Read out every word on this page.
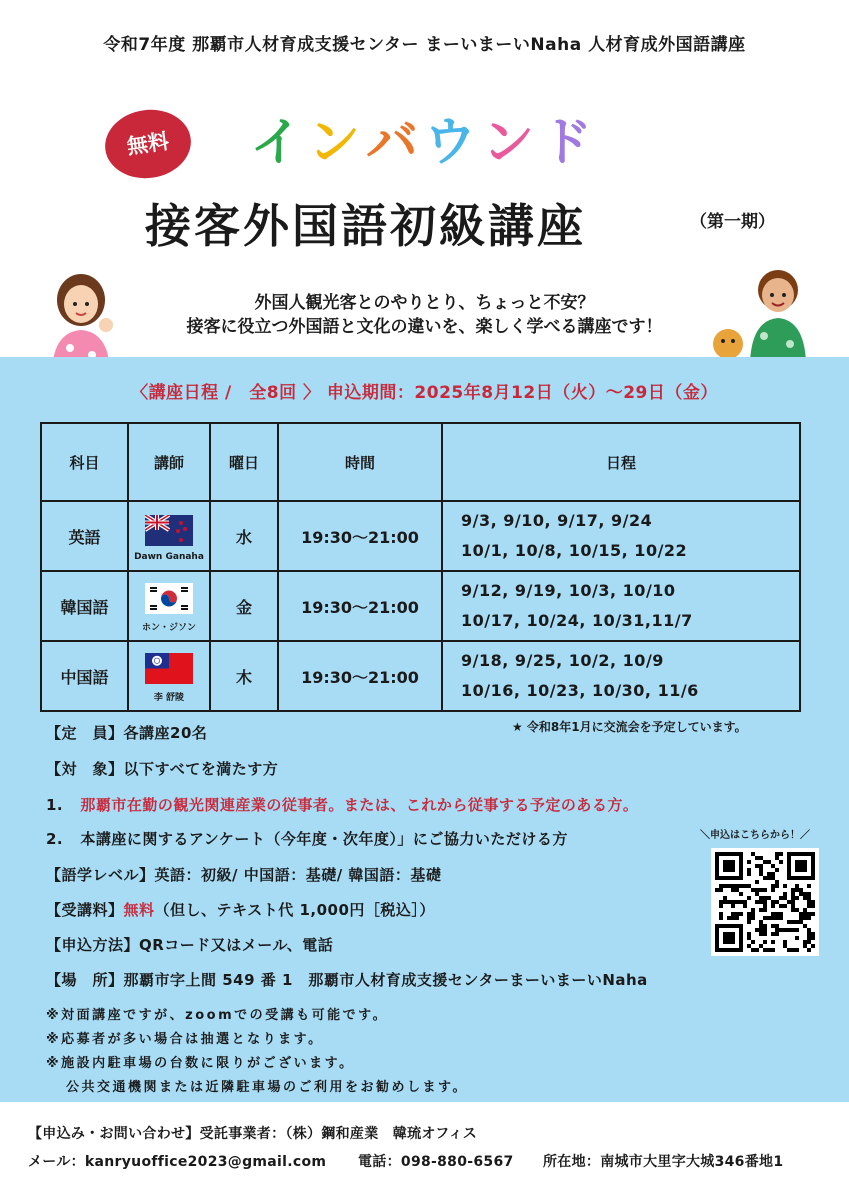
令和7年度 那覇市人材育成支援センター まーいまーいNaha 人材育成外国語講座
無料	インバウンド
接客外国語初級講座	（第一期）
外国人観光客とのやりとり、ちょっと不安？
接客に役立つ外国語と文化の違いを、楽しく学べる講座です！
〈講座日程 /　全8回 〉 申込期間：2025年8月12日（火）～29日（金）
科目	講師	曜日	時間	日程
英語	Dawn Ganaha	水	19:30～21:00	9/3, 9/10, 9/17, 9/24
10/1, 10/8, 10/15, 10/22

韓国語	ホン・ジソン	金	19:30～21:00	9/12, 9/19, 10/3, 10/10
10/17, 10/24, 10/31,11/7

中国語	李 舒陵	木	19:30～21:00	9/18, 9/25, 10/2, 10/9
10/16, 10/23, 10/30, 11/6
【定　員】各講座20名	★ 令和8年1月に交流会を予定しています。
【対　象】以下すべてを満たす方
1. 那覇市在勤の観光関連産業の従事者。または、これから従事する予定のある方。
2. 本講座に関するアンケート（今年度・次年度）」にご協力いただける方	＼申込はこちらから！／
【語学レベル】英語：初級/ 中国語：基礎/ 韓国語：基礎
【受講料】無料（但し、テキスト代 1,000円［税込］）
【申込方法】QRコード又はメール、電話
【場　所】那覇市字上間 549 番 1　那覇市人材育成支援センターまーいまーいNaha
※対面講座ですが、zoomでの受講も可能です。
※応募者が多い場合は抽選となります。
※施設内駐車場の台数に限りがございます。
公共交通機関または近隣駐車場のご利用をお勧めします。
【申込み・お問い合わせ】受託事業者：（株）鋼和産業　韓琉オフィス
メール：kanryuoffice2023@gmail.com 電話：098-880-6567 所在地：南城市大里字大城346番地1
